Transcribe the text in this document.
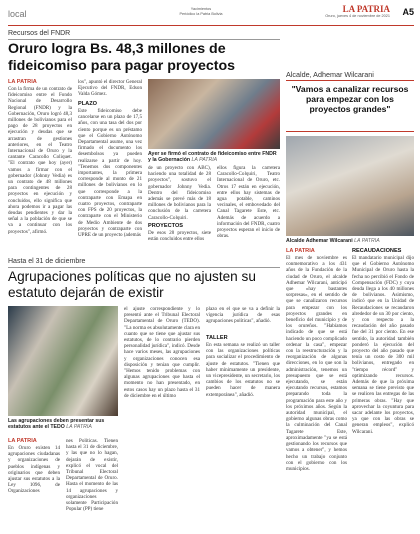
local	Yacimientos
Periódico la Patria Bolivia	LA PATRIA
Oruro, jueves 4 de noviembre de 2021 A5
Recursos del FNDR
Oruro logra Bs. 48,3 millones de fideicomiso para pagar proyectos
LA PATRIA
Con la firma de un contrato de fideicomiso entre el Fondo Nacional de Desarrollo Regional (FNDR) y la Gobernación, Oruro logró 48,3 millones de bolivianos para el pago de 28 proyectos en ejecución y deudas que se arrastran de gestiones anteriores, en el Teatro Internacional de Oruro y la cantante Caracollo Coliquet. "El contrato que hoy (ayer) vamos a firmar con el gobernador (Johnny Vedia) es un contrato de 48 millones para contingentes de 28 proyectos en ejecución y concluidos, ello significa que ahora podemos ir a pagar las deudas pendientes y dar la señal a la población de que se va a continuar con los proyectos", afirmó.
los", apuntó el director General Ejecutivo del FNDR, Edson Valda Gómez.
PLAZO
Este fideicomiso debe cancelarse en un plazo de 17,5 años, con una tasa del dos por ciento porque es un préstamo que el Gobierno Autónomo Departamental asume, una vez firmado el documento los desembolsos ya pueden realizarse a partir de hoy. "Tenemos dos componentes importantes, la primera corresponde al monto de 21 millones de bolivianos en lo que corresponde a la contraparte con Emapa en cuatro proyectos, contraparte con FPS de 20 proyectos, la contraparte con el Ministerio de Medio Ambiente de dos proyectos y contraparte con UPRE de un proyecto (además
Ayer se firmó el contrato de fideicomiso entre FNDR y la Gobernación LA PATRIA
de un proyecto con ABC), haciendo una totalidad de 28 proyectos", sostuvo el gobernador Johnny Vedia. Dentro del fideicomiso además se prevé más de 18 millones de bolivianos para la conclusión de la carretera Caracollo-Colquiri.
PROYECTOS
De esos 28 proyectos, siete están concluidos entre ellos
ellos figura la carretera Caracollo-Colquiri, Teatro Internacional de Oruro, etc. Otros 17 están en ejecución, entre ellos hay sistemas de agua potable, caminos vecinales, el embovedado del Canal Tagarete Este, etc. Además de acuerdo a información del FNDR, cuatro proyectos esperan el inicio de obras.
Alcalde, Adhemar Wilcarani
"Vamos a canalizar recursos para empezar con los proyectos grandes"
Alcalde Adhemar Wilcarani LA PATRIA
LA PATRIA
El mes de noviembre es conmemorativo a los 431 años de la Fundación de la ciudad de Oruro, el alcalde Adhemar Wilcarani, anticipó que «hay bastantes sorpresas», en el sentido de que se canalizaron recursos para empezar con los proyectos grandes en beneficio del municipio y de los orureños. "Habíamos indicado de que se está haciendo un poco complicado ordenar la casa", empezar con la reestructuración y la reorganización de algunas direcciones, en lo que son la administración, tenemos un presupuesto que se está ejecutando, se están ejecutando recursos, estamos preparando toda la programación para este año y los próximos años. Según la autoridad municipal, el gobierno algunas obras como la culminación del Canal Tagarete Este, aproximadamente "ya se está gestionando los recursos que vamos a obtener", y hemos hecho un trabajo conjunto con el gobierno con los municipios.
RECAUDACIONES
El mandatario municipal dijo que el Gobierno Autónomo Municipal de Oruro hasta la fecha no percibió el Fondo de Compensación (FDC) y cuya deuda llega a los 40 millones de bolivianos. Asimismo, indicó que en la Unidad de Recaudaciones se recaudaron alrededor de un 30 por ciento, y con respecto a la recaudación del año pasado fue del 31 por ciento. En ese sentido, la autoridad también ponderó la ejecución del proyecto del año pasado que tenía un costo de 300 mil bolivianos, entregado en "tiempo récord" y optimizando recursos. Además de que la próxima semana se tiene previsto que se realicen las entregas de las primeras obras. "Hay que aprovechar la coyuntura para sacar adelante los proyectos, ya que con las obras se generan empleos", explicó Wilcarani.
Hasta el 31 de diciembre
Agrupaciones políticas que no ajusten su estatuto dejarán de existir
Las agrupaciones deben presentar sus estatutos ante el TEDO LA PATRIA
LA PATRIA
En Oruro existen 14 agrupaciones ciudadanas y organizaciones de pueblos indígenas y originarios que deben ajustar sus estatutos a la Ley 1096, de Organizaciones
nes Políticas. Tienen hasta el 31 de diciembre, y las que no lo hagan, dejarán de existir, explicó el vocal del Tribunal Electoral Departamental de Oruro. Hasta el momento de las 14 agrupaciones y organizaciones solamente Participación Popular (PP) tiene
el ajuste correspondiente y lo presentó ante el Tribunal Electoral Departamental de Oruro (TEDO). "La norma es absolutamente clara en cuanto que se tiene que ajustar sus estatutos, de lo contrario pierden personalidad jurídica", indicó. Desde hace varios meses, las agrupaciones y organizaciones conocen esa disposición y tenían que cumplir. "Hemos tenido problemas con algunas agrupaciones que hasta el momento no han presentado, en estos casos hay un plazo hasta el 31 de diciembre en el último
plazo en el que se va a definir la vigencia jurídica de esas agrupaciones políticas", añadió.
TALLER
En esta semana se realizó un taller con las organizaciones políticas para socializar el procedimiento de ajuste de estatutos. "Tienen que haber mínimamente un presidente, un vicepresidente, un secretario, los cambios de los estatutos no se pueden hacer de manera extemporánea", añadió.
